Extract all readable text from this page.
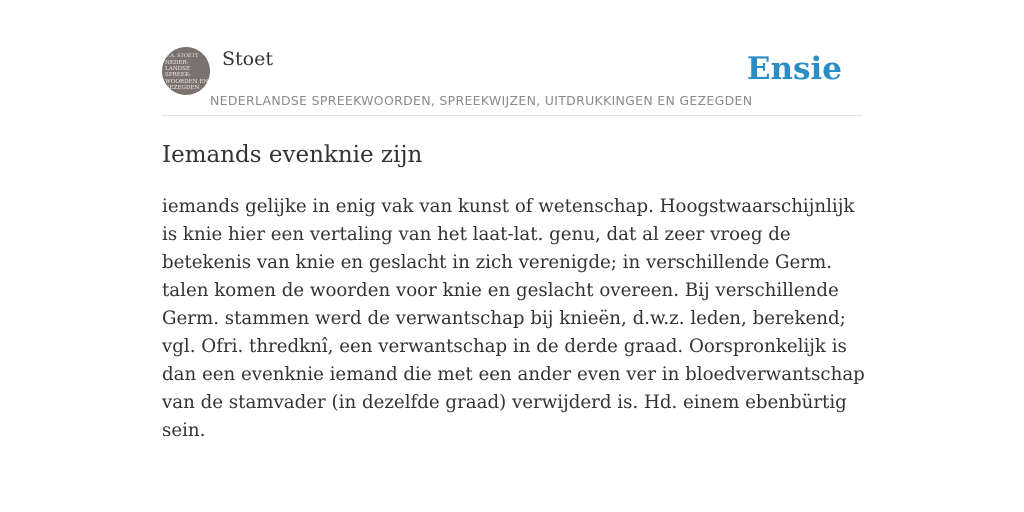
F.A. STOETT
NEDER-
LANDSE
SPREEK-
WOORDEN EN
GEZEGDEN
Stoet
NEDERLANDSE SPREEKWOORDEN, SPREEKWIJZEN, UITDRUKKINGEN EN GEZEGDEN
Ensie
Iemands evenknie zijn

iemands gelijke in enig vak van kunst of wetenschap. Hoogstwaarschijnlijk is knie hier een vertaling van het laat-lat. genu, dat al zeer vroeg de betekenis van knie en geslacht in zich verenigde; in verschillende Germ. talen komen de woorden voor knie en geslacht overeen. Bij verschillende Germ. stammen werd de verwantschap bij knieën, d.w.z. leden, berekend; vgl. Ofri. thredknî, een verwantschap in de derde graad. Oorspronkelijk is dan een evenknie iemand die met een ander even ver in bloedverwantschap van de stamvader (in dezelfde graad) verwijderd is. Hd. einem ebenbürtig sein.
